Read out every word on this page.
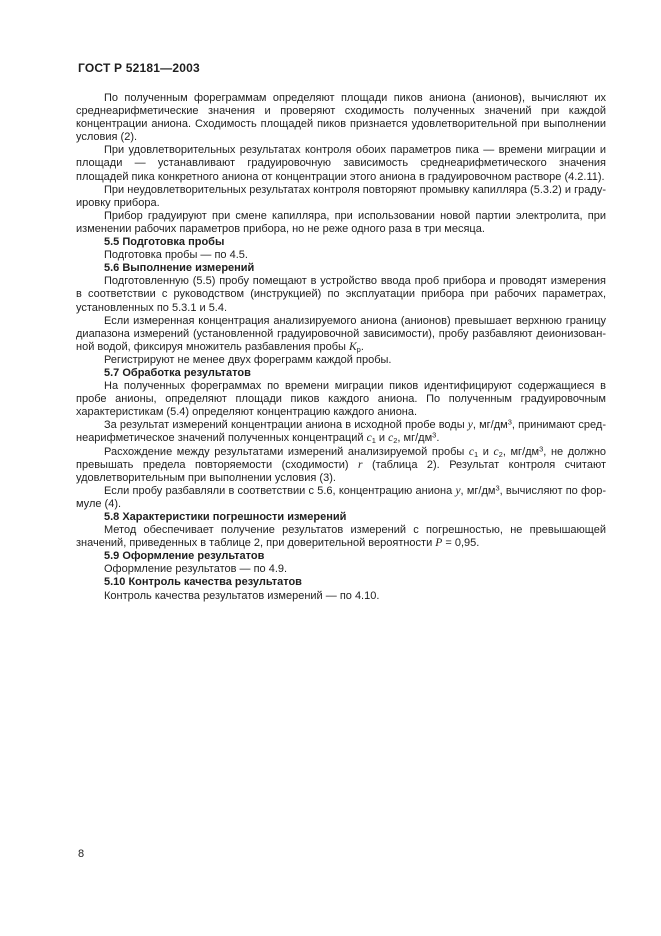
ГОСТ Р 52181—2003

По полученным фореграммам определяют площади пиков аниона (анионов), вычисляют их среднеарифметические значения и проверяют сходимость полученных значений при каждой концентрации аниона. Сходимость площадей пиков признается удовлетворительной при выполнении условия (2).

При удовлетворительных результатах контроля обоих параметров пика — времени миграции и площади — устанавливают градуировочную зависимость среднеарифметического значения площадей пика конкретного аниона от концентрации этого аниона в градуировочном растворе (4.2.11).

При неудовлетворительных результатах контроля повторяют промывку капилляра (5.3.2) и градуировку прибора.

Прибор градуируют при смене капилляра, при использовании новой партии электролита, при изменении рабочих параметров прибора, но не реже одного раза в три месяца.

5.5 Подготовка пробы

Подготовка пробы — по 4.5.

5.6 Выполнение измерений

Подготовленную (5.5) пробу помещают в устройство ввода проб прибора и проводят измерения в соответствии с руководством (инструкцией) по эксплуатации прибора при рабочих параметрах, установленных по 5.3.1 и 5.4.

Если измеренная концентрация анализируемого аниона (анионов) превышает верхнюю границу диапазона измерений (установленной градуировочной зависимости), пробу разбавляют деионизованной водой, фиксируя множитель разбавления пробы $K_р$.

Регистрируют не менее двух фореграмм каждой пробы.

5.7 Обработка результатов

На полученных фореграммах по времени миграции пиков идентифицируют содержащиеся в пробе анионы, определяют площади пиков каждого аниона. По полученным градуировочным характеристикам (5.4) определяют концентрацию каждого аниона.

За результат измерений концентрации аниона в исходной пробе воды y, $мг/дм^3$, принимают среднеарифметическое значений полученных концентраций $c_1$ и $c_2$, $мг/дм^3$.

Расхождение между результатами измерений анализируемой пробы $c_1$ и $c_2$, $мг/дм^3$, не должно превышать предела повторяемости (сходимости) r (таблица 2). Результат контроля считают удовлетворительным при выполнении условия (3).

Если пробу разбавляли в соответствии с 5.6, концентрацию аниона y, $мг/дм^3$, вычисляют по формуле (4).

5.8 Характеристики погрешности измерений

Метод обеспечивает получение результатов измерений с погрешностью, не превышающей значений, приведенных в таблице 2, при доверительной вероятности P = 0,95.

5.9 Оформление результатов

Оформление результатов — по 4.9.

5.10 Контроль качества результатов

Контроль качества результатов измерений — по 4.10.

8
